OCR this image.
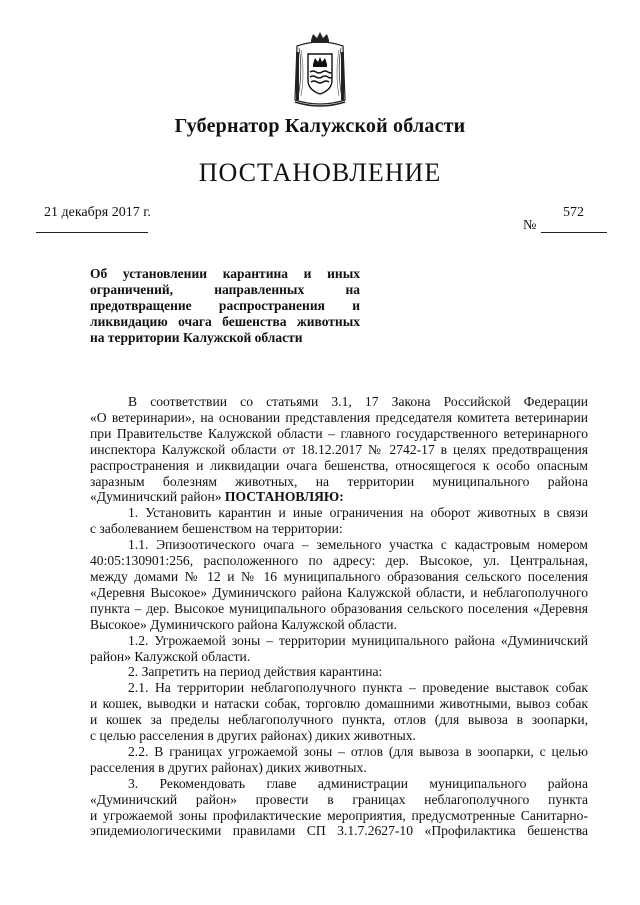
Губернатор Калужской области
ПОСТАНОВЛЕНИЕ
21 декабря 2017 г.	572
№
Об установлении карантина и иных
ограничений, направленных на
предотвращение распространения и
ликвидацию очага бешенства животных
на территории Калужской области
В соответствии со статьями 3.1, 17 Закона Российской Федерации
«О ветеринарии», на основании представления председателя комитета ветеринарии
при Правительстве Калужской области – главного государственного ветеринарного
инспектора Калужской области от 18.12.2017 № 2742-17 в целях предотвращения
распространения и ликвидации очага бешенства, относящегося к особо опасным
заразным болезням животных, на территории муниципального района
«Думиничский район» ПОСТАНОВЛЯЮ:
1. Установить карантин и иные ограничения на оборот животных в связи
с заболеванием бешенством на территории:
1.1. Эпизоотического очага – земельного участка с кадастровым номером
40:05:130901:256, расположенного по адресу: дер. Высокое, ул. Центральная,
между домами № 12 и № 16 муниципального образования сельского поселения
«Деревня Высокое» Думиничского района Калужской области, и неблагополучного
пункта – дер. Высокое муниципального образования сельского поселения «Деревня
Высокое» Думиничского района Калужской области.
1.2. Угрожаемой зоны – территории муниципального района «Думиничский
район» Калужской области.
2. Запретить на период действия карантина:
2.1. На территории неблагополучного пункта – проведение выставок собак
и кошек, выводки и натаски собак, торговлю домашними животными, вывоз собак
и кошек за пределы неблагополучного пункта, отлов (для вывоза в зоопарки,
с целью расселения в других районах) диких животных.
2.2. В границах угрожаемой зоны – отлов (для вывоза в зоопарки, с целью
расселения в других районах) диких животных.
3. Рекомендовать главе администрации муниципального района
«Думиничский район» провести в границах неблагополучного пункта
и угрожаемой зоны профилактические мероприятия, предусмотренные Санитарно-
эпидемиологическими правилами СП 3.1.7.2627-10 «Профилактика бешенства
